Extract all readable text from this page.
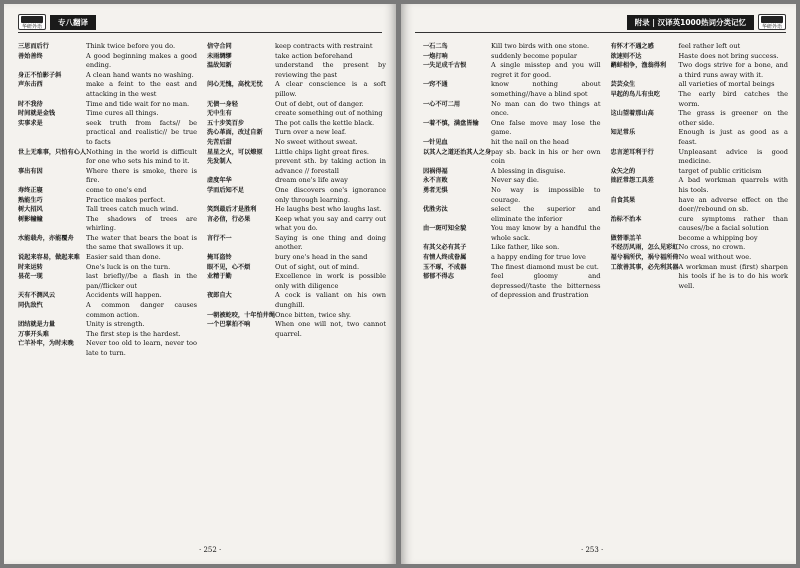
华研外语
专八翻译
三思而后行	Think twice before you do.
善始善终	A good beginning makes a good ending.
身正不怕影子斜	A clean hand wants no washing.
声东击西	make a feint to the east and attacking in the west
时不我待	Time and tide wait for no man.
时间就是金钱	Time cures all things.
实事求是	seek truth from facts// be practical and realistic// be true to facts
世上无难事，只怕有心人 Nothing in the world is difficult for one who sets his mind to it.
事出有因	Where there is smoke, there is fire.
寿终正寝	come to one's end
熟能生巧	Practice makes perfect.
树大招风	Tall trees catch much wind.
树影幢幢	The shadows of trees are whirling.
水能载舟，亦能覆舟	The water that bears the boat is the same that swallows it up.
说起来容易，做起来难 Easier said than done.
时来运转	One's luck is on the turn.
昙花一现	last briefly//be a flash in the pan//flicker out
天有不测风云	Accidents will happen.
同仇敌忾	A common danger causes common action.
团结就是力量	Unity is strength.
万事开头难	The first step is the hardest.
亡羊补牢，为时未晚	Never too old to learn, never too late to turn.
信守合同	keep contracts with restraint
未雨绸缪	take action beforehand
温故知新	understand the present by reviewing the past
问心无愧，高枕无忧	A clear conscience is a soft pillow.
无债一身轻	Out of debt, out of danger.
无中生有	create something out of nothing
五十步笑百步	The pot calls the kettle black.
洗心革面，改过自新	Turn over a new leaf.
先苦后甜	No sweet without sweat.
星星之火，可以燎原	Little chips light great fires.
先发制人	prevent sth. by taking action in advance // forestall
虚度年华	dream one's life away
学而后知不足	One discovers one's ignorance only through learning.
笑到最后才是胜利	He laughs best who laughs last.
言必信，行必果	Keep what you say and carry out what you do.
言行不一	Saying is one thing and doing another.
掩耳盗铃	bury one's head in the sand
眼不见，心不烦	Out of sight, out of mind.
业精于勤	Excellence in work is possible only with diligence
夜郎自大	A cock is valiant on his own dunghill.
一朝被蛇咬，十年怕井绳 Once bitten, twice shy.
一个巴掌拍不响	When one will not, two cannot quarrel.
· 252 ·
附录 | 汉译英1000热词分类记忆
华研外语
一石二鸟	Kill two birds with one stone.
一炮打响	suddenly become popular
一失足成千古恨	A single misstep and you will regret it for good.
一窍不通	know nothing about something//have a blind spot
一心不可二用	No man can do two things at once.
一着不慎，满盘皆输	One false move may lose the game.
一针见血	hit the nail on the head
以其人之道还治其人之身 pay sb. back in his or her own coin
因祸得福	A blessing in disguise.
永不言败	Never say die.
勇者无惧	No way is impossible to courage.
优胜劣汰	select the superior and eliminate the inferior
由一斑可知全貌	You may know by a handful the whole sack.
有其父必有其子	Like father, like son.
有情人终成眷属	a happy ending for true love
玉不琢，不成器	The finest diamond must be cut.
郁郁不得志	feel gloomy and depressed//taste the bitterness of depression and frustration
有怀才不遇之感	feel rather left out
欲速则不达	Haste does not bring success.
鹬蚌相争，渔翁得利	Two dogs strive for a bone, and a third runs away with it.
芸芸众生	all varieties of mortal beings
早起的鸟儿有虫吃	The early bird catches the worm.
这山望着那山高	The grass is greener on the other side.
知足常乐	Enough is just as good as a feast.
忠言逆耳利于行	Unpleasant advice is good medicine.
众矢之的	target of public criticism
拙匠常怨工具差	A bad workman quarrels with his tools.
自食其果	have an adverse effect on the doer//rebound on sb.
治标不治本	cure symptoms rather than causes//be a facial solution
做替罪羔羊	become a whipping boy
不经历风雨，怎么见彩虹 No cross, no crown.
福兮祸所伏，祸兮福所倚 No weal without woe.
工欲善其事，必先利其器 A workman must (first) sharpen his tools if he is to do his work well.
· 253 ·
